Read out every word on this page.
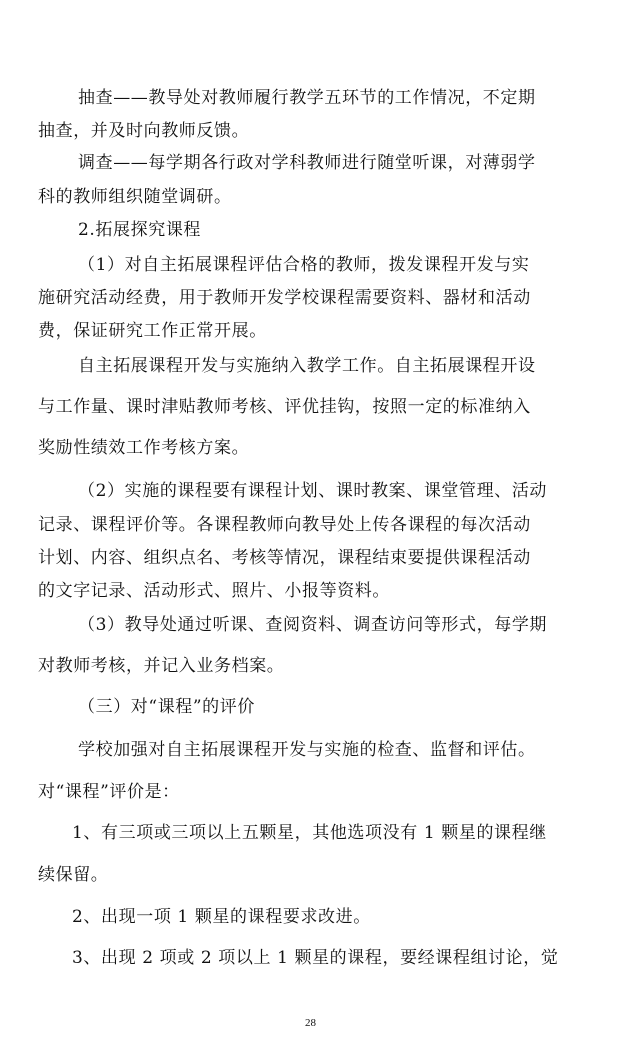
抽查——教导处对教师履行教学五环节的工作情况，不定期
抽查，并及时向教师反馈。
调查——每学期各行政对学科教师进行随堂听课，对薄弱学
科的教师组织随堂调研。
2.拓展探究课程
（1）对自主拓展课程评估合格的教师，拨发课程开发与实
施研究活动经费，用于教师开发学校课程需要资料、器材和活动
费，保证研究工作正常开展。
自主拓展课程开发与实施纳入教学工作。自主拓展课程开设
与工作量、课时津贴教师考核、评优挂钩，按照一定的标准纳入
奖励性绩效工作考核方案。
（2）实施的课程要有课程计划、课时教案、课堂管理、活动
记录、课程评价等。各课程教师向教导处上传各课程的每次活动
计划、内容、组织点名、考核等情况，课程结束要提供课程活动
的文字记录、活动形式、照片、小报等资料。
（3）教导处通过听课、查阅资料、调查访问等形式，每学期
对教师考核，并记入业务档案。
（三）对“课程”的评价
学校加强对自主拓展课程开发与实施的检查、监督和评估。
对“课程”评价是：
1、有三项或三项以上五颗星，其他选项没有 1 颗星的课程继
续保留。
2、出现一项 1 颗星的课程要求改进。
3、出现 2 项或 2 项以上 1 颗星的课程，要经课程组讨论，觉
28
